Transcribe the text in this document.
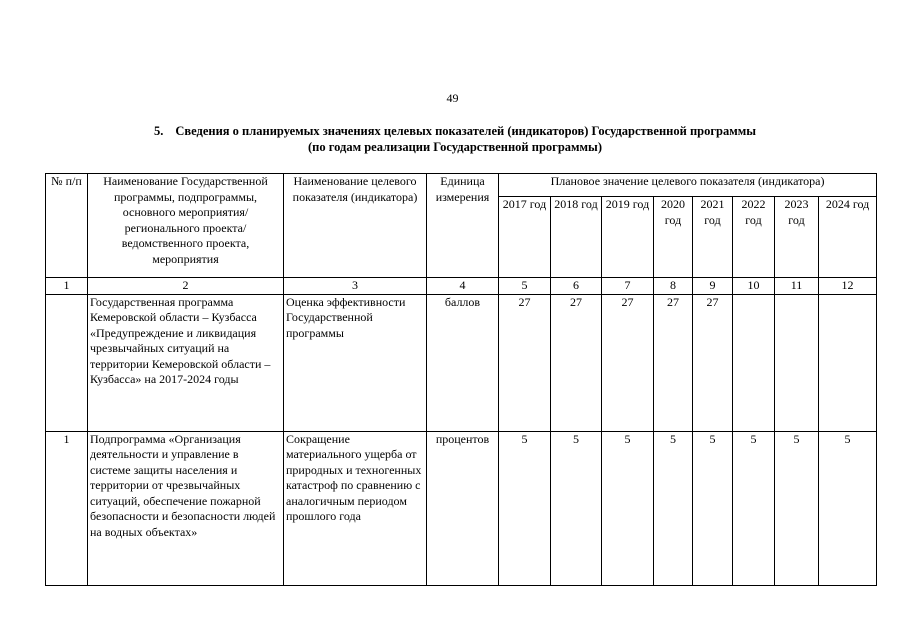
49
5. Сведения о планируемых значениях целевых показателей (индикаторов) Государственной программы
(по годам реализации Государственной программы)
№ п/п	Наименование Государственной программы, подпрограммы, основного мероприятия/регионального проекта/ведомственного проекта, мероприятия	Наименование целевого показателя (индикатора)	Единица измерения	Плановое значение целевого показателя (индикатора)							
				2017 год	2018 год	2019 год	2020 год	2021 год	2022 год	2023 год	2024 год
1	2	3	4	5	6	7	8	9	10	11	12
	Государственная программа Кемеровской области – Кузбасса «Предупреждение и ликвидация чрезвычайных ситуаций на территории Кемеровской области – Кузбасса» на 2017-2024 годы	Оценка эффективности Государственной программы	баллов	27	27	27	27	27			
1	Подпрограмма «Организация деятельности и управление в системе защиты населения и территории от чрезвычайных ситуаций, обеспечение пожарной безопасности и безопасности людей на водных объектах»	Сокращение материального ущерба от природных и техногенных катастроф по сравнению с аналогичным периодом прошлого года	процентов	5	5	5	5	5	5	5	5
